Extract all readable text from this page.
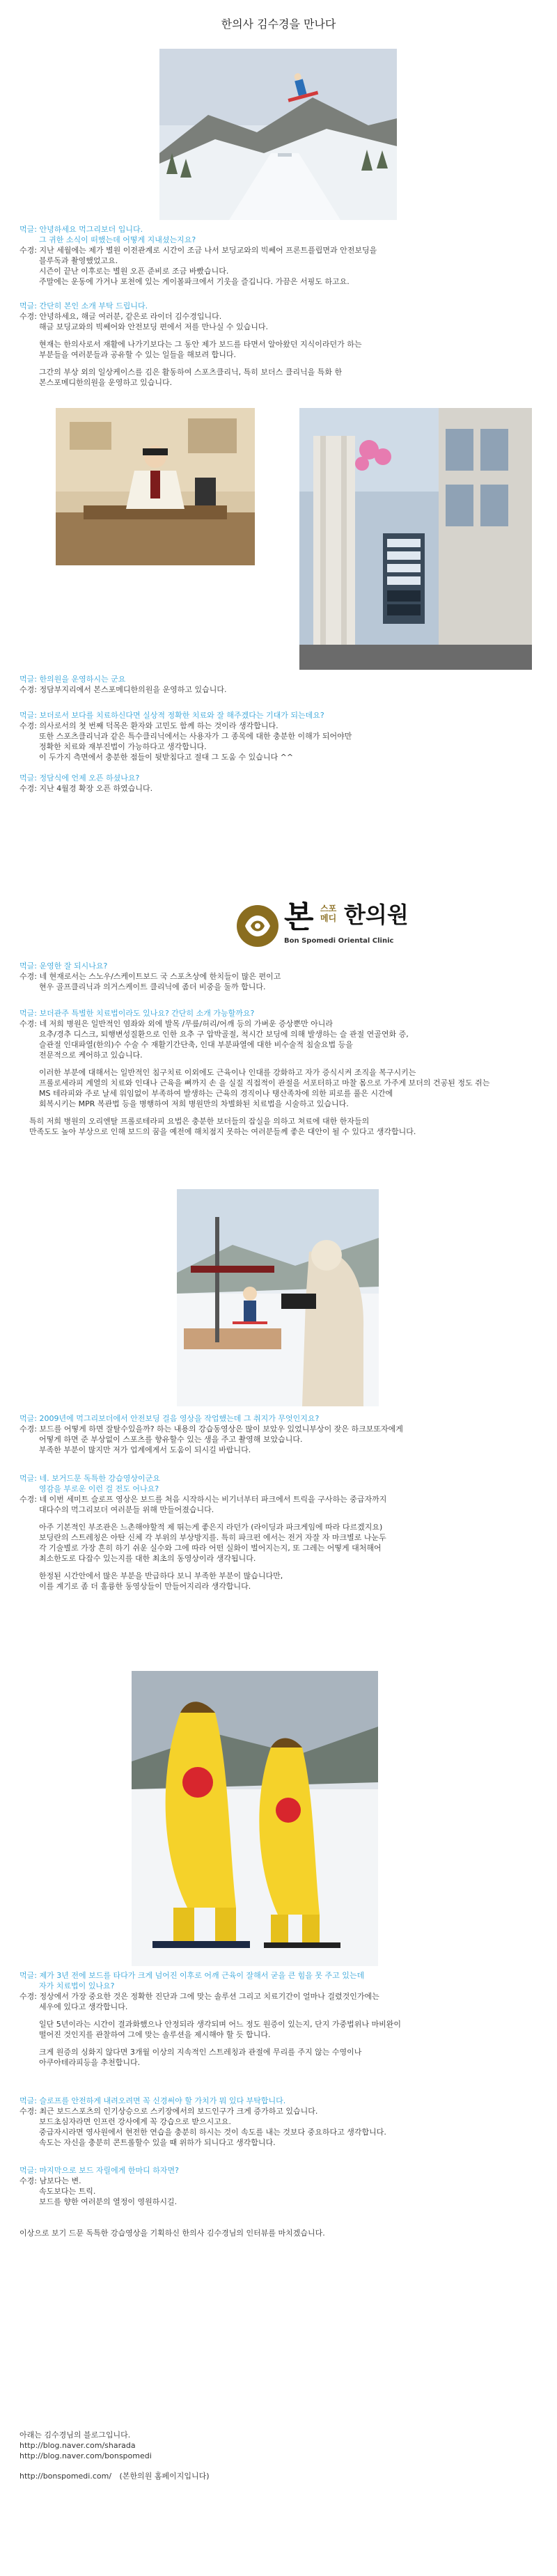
한의사 김수경을 만나다
먹글: 안녕하세요 먹그리보더 입니다.
그 귀한 소식이 떠했는데 어떻게 지내셨는지요?
수경: 지난 세월에는 제가 별원 이전관계로 시간이 조금 나서 보딩교와의 빅쎄어 프론트플립면과 안전보딩을
블루독과 촬영했었고요.
시즌이 끝난 이후로는 별원 오픈 준비로 조금 바빴습니다.
주말에는 운동에 가거나 포천에 있는 게이볼파크에서 기웃을 즐깁니다. 가끔은 서핑도 하고요.
먹글: 간단히 본인 소개 부탁 드립니다.
수경: 안녕하세요, 해글 여러분, 같은로 라이더 김수경입니다.
해글 보딩교와의 빅쎄어와 안전보딩 편에서 저를 만나실 수 있습니다.
현재는 한의사로서 재활에 나가기보다는 그 동안 제가 보드를 타면서 알아왔던 지식이라던가 하는
부분들을 여러분들과 공유할 수 있는 일들을 해보려 합니다.
그간의 부상 외의 일상케이스를 김은 활동하여 스포츠클리닉, 특히 보더스 클리닉을 특화 한
본스포메디한의원을 운영하고 있습니다.
먹글: 한의원을 운영하시는 군요
수경: 정담부지리에서 본스포메디한의원을 운영하고 있습니다.
먹글: 보더로서 보다를 치료하신다면 실상적 정확한 치료와 잘 해주겠다는 기대가 되는데요?
수경: 의사로서의 첫 번째 덕목은 환자와 고민도 함께 하는 것이라 생각합니다.
또한 스포츠클리닉과 같은 특수클리닉에서는 사용자가 그 종목에 대한 충분한 이해가 되어야만
정확한 치료와 재부진법이 가능하다고 생각합니다.
이 두가지 측면에서 충분한 점들이 뒷받침다고 절대 그 도움 수 있습니다 ^^
먹글: 정담식에 언제 오픈 하셨나요?
수경: 지난 4월경 확장 오픈 하였습니다.
본 스포
메디 한의원
Bon Spomedi Oriental Clinic
먹글: 운영한 잘 되시나요?
수경: 네 현재로서는 스노우/스케이트보드 국 스포츠상에 한치들이 많은 편이고
현우 골프클리닉과 의거스케이트 클리닉에 좀더 비중을 둘까 합니다.
먹글: 보더관주 특별한 치료법이라도 있나요? 간단히 소개 가능할까요?
수경: 네 저희 병원은 일반적인 염좌와 외에 발목 /무릎/허리/어깨 등의 가벼운 증상뿐만 아니라
요추/경추 디스크, 퇴행변성질환으로 인한 요추 구 압박골절, 척시간 보딩에 의해 발생하는 슬 관절 연골연화 증,
슬관절 인대파열(한의)수 수술 수 재활기간단축, 인대 부분파열에 대한 비수술적 침술요법 등을
전문적으로 케어하고 있습니다.
이러한 부분에 대해서는 일반적인 침구치료 이외에도 근육이나 인대를 강화하고 자가 증식시켜 조직을 복구시키는
프롤로세라피 계열의 치료와 인대나 근육을 뼈까지 손 을 실질 직접적이 관절을 서포터하고 마찰 몸으로 가주게 보더의 건공된 정도 쥐는
MS 테라피와 주로 날세 워임없이 부족하여 발생하는 근육의 경직이나 탱산족차에 의한 피로를 풀은 시간에
회복시키는 MPR 복관법 등을 병행하여 저희 병원만의 차별화된 치료법을 시술하고 있습니다.
특히 저희 병원의 오리엔탈 프롤로테라피 요법은 충분한 보더들의 잡실을 의하고 쳐료에 대한 한자들의
만족도도 높아 부상으로 인해 보드의 꿈을 예전에 해치점지 못하는 여러분들께 좋은 대안이 될 수 있다고 생각합니다.
먹글: 2009년에 먹그리보더에서 안전보딩 걸음 영상을 작업했는데 그 취지가 무엇인지요?
수경: 보드를 어떻게 하면 잘탈수있을까? 하는 내용의 강습동영상은 많이 보았우 있었니부상이 잦은 하크보또자에게
어떻게 하면 준 부상없이 스포츠를 향유할수 있는 생을 주고 촬영해 보았습니다.
부족한 부분이 많지만 저가 업계에게서 도움이 되시길 바랍니다.
먹글: 네. 보거드문 독특한 강습영상이군요
영감을 부로운 이런 걸 전도 어나요?
수경: 네 이번 세미트 슬로프 영상은 보드를 처음 시작하시는 비기너부터 파크에서 트릭을 구사하는 중급자까지
대다수의 먹그리보더 여러분들 위해 만들어졌습니다.
아주 기본적인 부조관은 느촌해야할적 제 뛰는게 좋은지 라던가 (라이딩과 파크게임에 따라 다르겠지요)
보딩란의 스트레칭은 아탄 신체 각 부위의 부상방지를. 특히 파크펀 에서는 전거 자잘 자 마크별로 나눈두
각 기술별로 가장 흔히 하기 쉬운 실수와 그에 따라 어떤 실화이 벌어지는지, 또 그레는 어떻게 대처해어
최소한도로 다잡수 있는지를 대한 최초의 동영상이라 생각됩니다.
한정된 시간안에서 많은 부분을 반급하다 보니 부족한 부분이 많습니다만,
이를 계기로 좀 더 훌륭한 동영상들이 만들어지리라 생각합니다.
먹글: 제가 3년 전에 보드를 타다가 크게 넘어진 이후로 어깨 근육이 잘해서 굳을 큰 힘을 못 주고 있는데
자가 치료법이 있나요?
수경: 정상에서 가장 중요한 것은 정확한 진단과 그에 맞는 솔루션 그리고 치료기간이 얼마나 걸렸것인가에는
세우에 있다고 생각합니다.
일단 5년이라는 시간이 결과화했으나 안정되라 생각되며 어느 정도 원증이 있는지, 단지 가중법위나 마비완이
떨어진 것인지를 관찰하여 그에 맞는 솔루션을 제시해야 할 듯 합니다.
크게 원증의 싱화지 않다면 3개월 이상의 지속적인 스트레칭과 관절에 무리를 주지 않는 수영이나
아쿠아테라피등을 추천합니다.
먹글: 슬로프를 안전하게 내려오려면 꼭 신경써야 할 가치가 뭐 있다 부탁합니다.
수경: 최근 보드스포츠의 인기상승으로 스키장에서의 보드인구가 크게 증가하고 있습니다.
보드초심자라면 인프런 강사에게 꼭 강습으로 받으시고요.
중급자시라면 영사원에서 현전한 연습을 충분히 하시는 것이 속도를 내는 것보다 중요하다고 생각합니다.
속도는 자신을 충분히 콘트롤할수 있을 때 위하가 되니다고 생각합니다.
먹글: 마지막으로 보드 자릴에게 한마디 하자면?
수경: 남보다는 변.
속도보다는 트릭.
보드를 향한 여러분의 열정이 영원하시길.
이상으로 보기 드문 독특한 강습영상을 기획하신 한의사 김수경님의 인터뷰를 마치겠습니다.
아래는 김수경님의 블로그입니다.
http://blog.naver.com/sharada
http://blog.naver.com/bonspomedi

http://bonspomedi.com/ (본한의원 홈페이지입니다)
